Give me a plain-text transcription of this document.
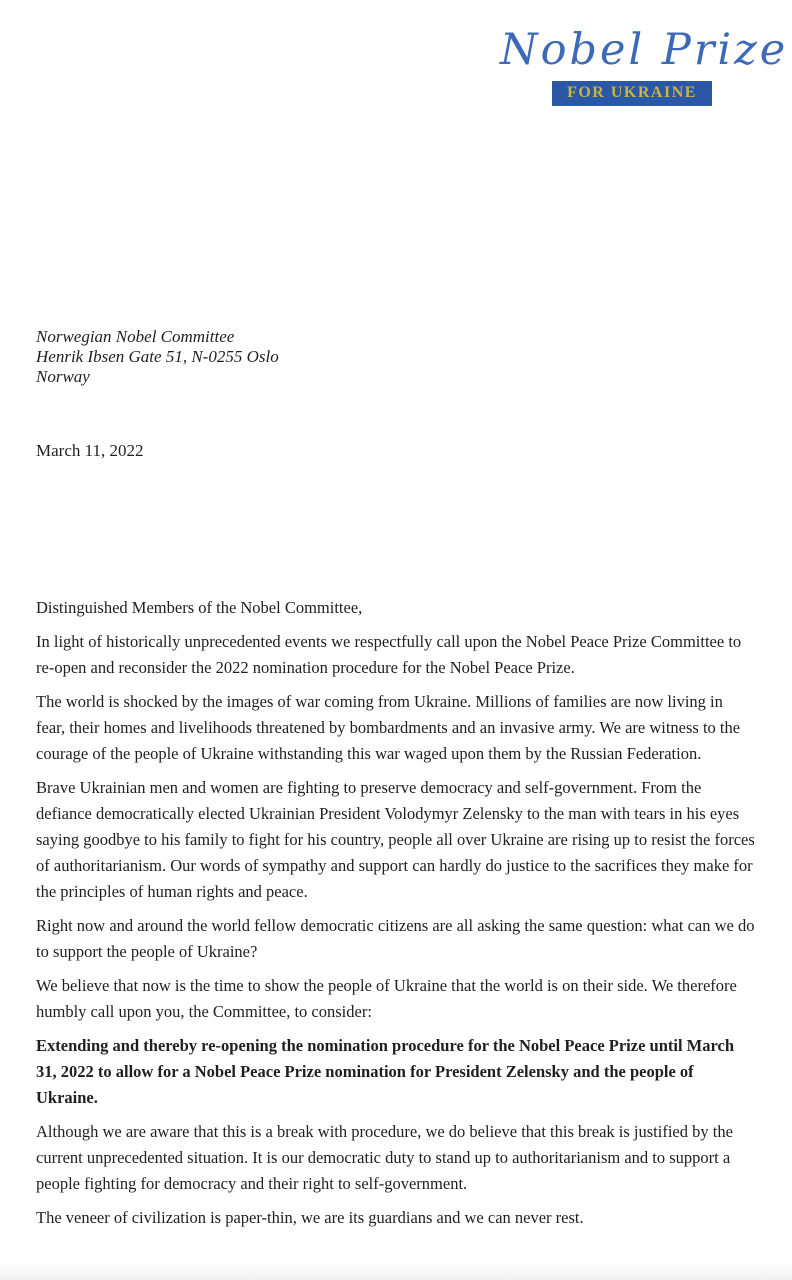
Nobel Prize
FOR UKRAINE
Norwegian Nobel Committee
Henrik Ibsen Gate 51, N-0255 Oslo
Norway
March 11, 2022

Distinguished Members of the Nobel Committee,

In light of historically unprecedented events we respectfully call upon the Nobel Peace Prize Committee to re-open and reconsider the 2022 nomination procedure for the Nobel Peace Prize.

The world is shocked by the images of war coming from Ukraine. Millions of families are now living in fear, their homes and livelihoods threatened by bombardments and an invasive army. We are witness to the courage of the people of Ukraine withstanding this war waged upon them by the Russian Federation.

Brave Ukrainian men and women are fighting to preserve democracy and self-government. From the defiance democratically elected Ukrainian President Volodymyr Zelensky to the man with tears in his eyes saying goodbye to his family to fight for his country, people all over Ukraine are rising up to resist the forces of authoritarianism. Our words of sympathy and support can hardly do justice to the sacrifices they make for the principles of human rights and peace.

Right now and around the world fellow democratic citizens are all asking the same question: what can we do to support the people of Ukraine?

We believe that now is the time to show the people of Ukraine that the world is on their side. We therefore humbly call upon you, the Committee, to consider:

Extending and thereby re-opening the nomination procedure for the Nobel Peace Prize until March 31, 2022 to allow for a Nobel Peace Prize nomination for President Zelensky and the people of Ukraine.

Although we are aware that this is a break with procedure, we do believe that this break is justified by the current unprecedented situation. It is our democratic duty to stand up to authoritarianism and to support a people fighting for democracy and their right to self-government.

The veneer of civilization is paper-thin, we are its guardians and we can never rest.
